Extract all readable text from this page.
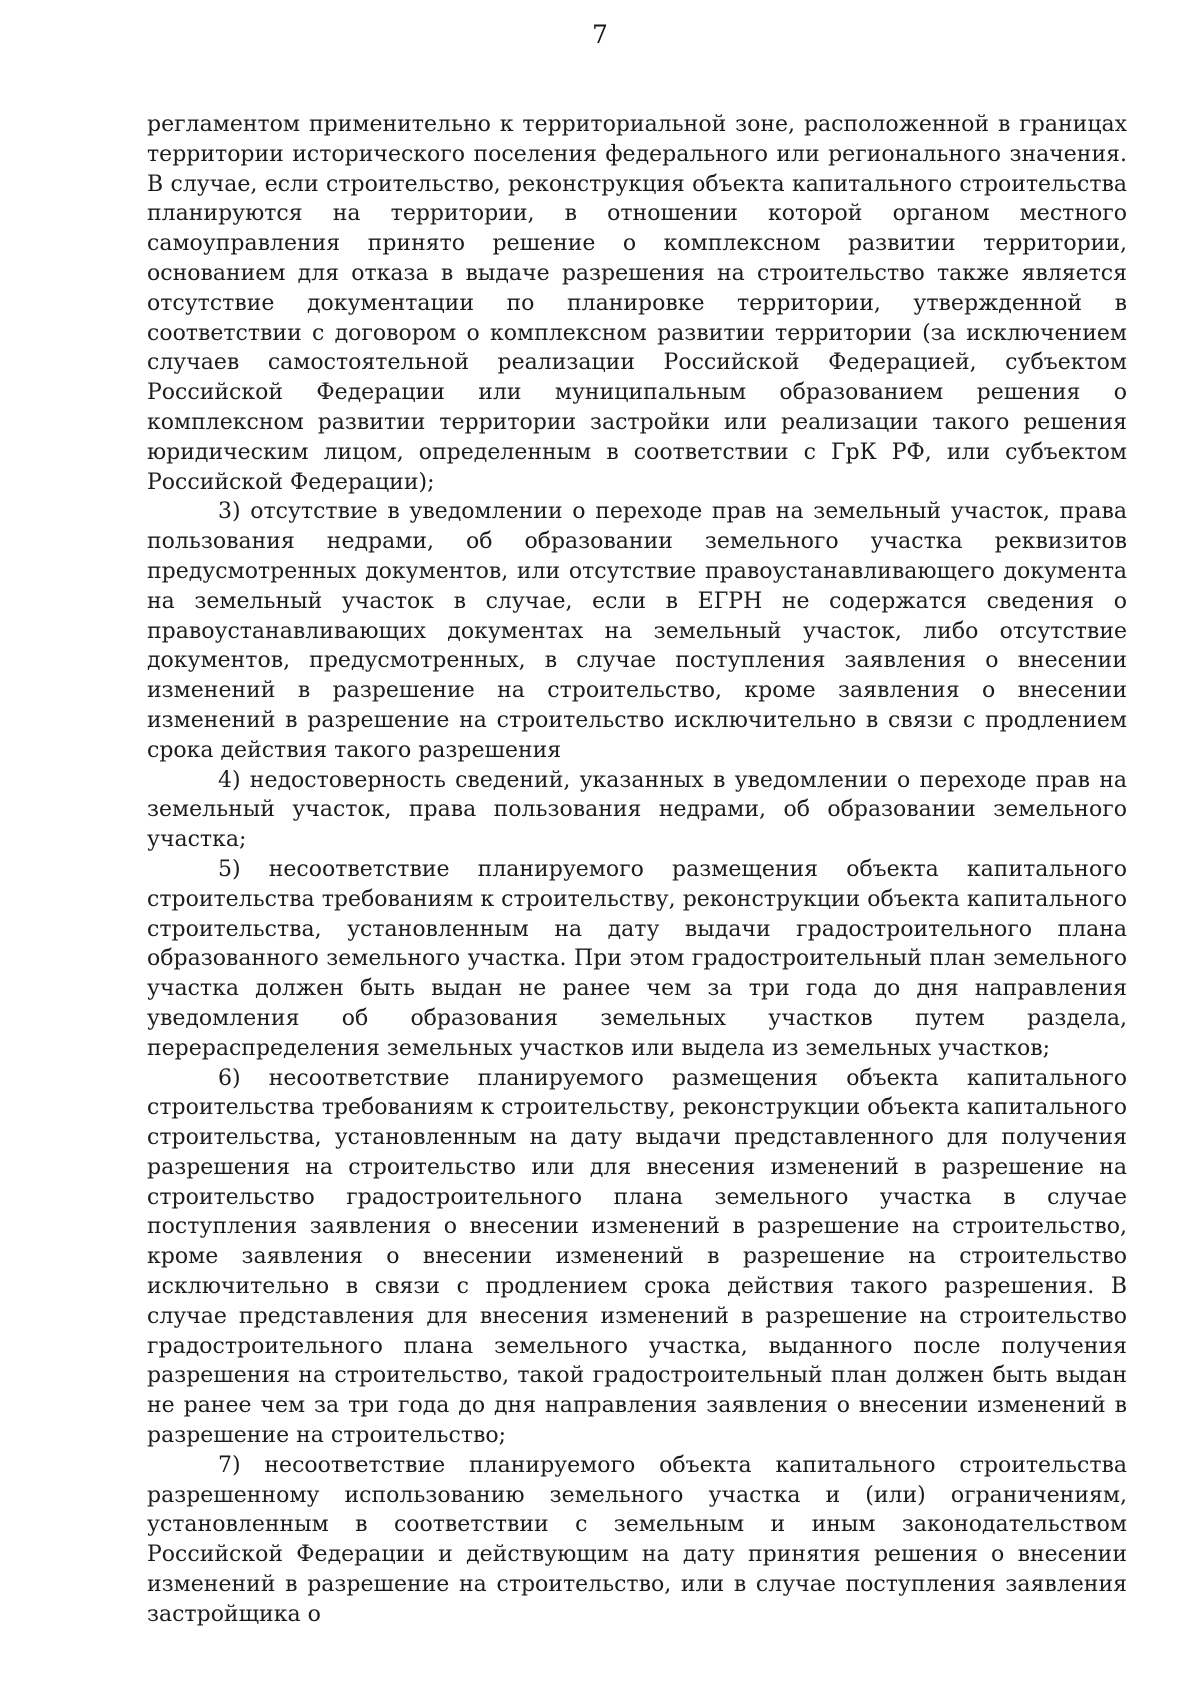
7

регламентом применительно к территориальной зоне, расположенной в границах территории исторического поселения федерального или регионального значения. В случае, если строительство, реконструкция объекта капитального строительства планируются на территории, в отношении которой органом местного самоуправления принято решение о комплексном развитии территории, основанием для отказа в выдаче разрешения на строительство также является отсутствие документации по планировке территории, утвержденной в соответствии с договором о комплексном развитии территории (за исключением случаев самостоятельной реализации Российской Федерацией, субъектом Российской Федерации или муниципальным образованием решения о комплексном развитии территории застройки или реализации такого решения юридическим лицом, определенным в соответствии с ГрК РФ, или субъектом Российской Федерации);

3) отсутствие в уведомлении о переходе прав на земельный участок, права пользования недрами, об образовании земельного участка реквизитов предусмотренных документов, или отсутствие правоустанавливающего документа на земельный участок в случае, если в ЕГРН не содержатся сведения о правоустанавливающих документах на земельный участок, либо отсутствие документов, предусмотренных, в случае поступления заявления о внесении изменений в разрешение на строительство, кроме заявления о внесении изменений в разрешение на строительство исключительно в связи с продлением срока действия такого разрешения

4) недостоверность сведений, указанных в уведомлении о переходе прав на земельный участок, права пользования недрами, об образовании земельного участка;

5) несоответствие планируемого размещения объекта капитального строительства требованиям к строительству, реконструкции объекта капитального строительства, установленным на дату выдачи градостроительного плана образованного земельного участка. При этом градостроительный план земельного участка должен быть выдан не ранее чем за три года до дня направления уведомления об образования земельных участков путем раздела, перераспределения земельных участков или выдела из земельных участков;

6) несоответствие планируемого размещения объекта капитального строительства требованиям к строительству, реконструкции объекта капитального строительства, установленным на дату выдачи представленного для получения разрешения на строительство или для внесения изменений в разрешение на строительство градостроительного плана земельного участка в случае поступления заявления о внесении изменений в разрешение на строительство, кроме заявления о внесении изменений в разрешение на строительство исключительно в связи с продлением срока действия такого разрешения. В случае представления для внесения изменений в разрешение на строительство градостроительного плана земельного участка, выданного после получения разрешения на строительство, такой градостроительный план должен быть выдан не ранее чем за три года до дня направления заявления о внесении изменений в разрешение на строительство;

7) несоответствие планируемого объекта капитального строительства разрешенному использованию земельного участка и (или) ограничениям, установленным в соответствии с земельным и иным законодательством Российской Федерации и действующим на дату принятия решения о внесении изменений в разрешение на строительство, или в случае поступления заявления застройщика о
